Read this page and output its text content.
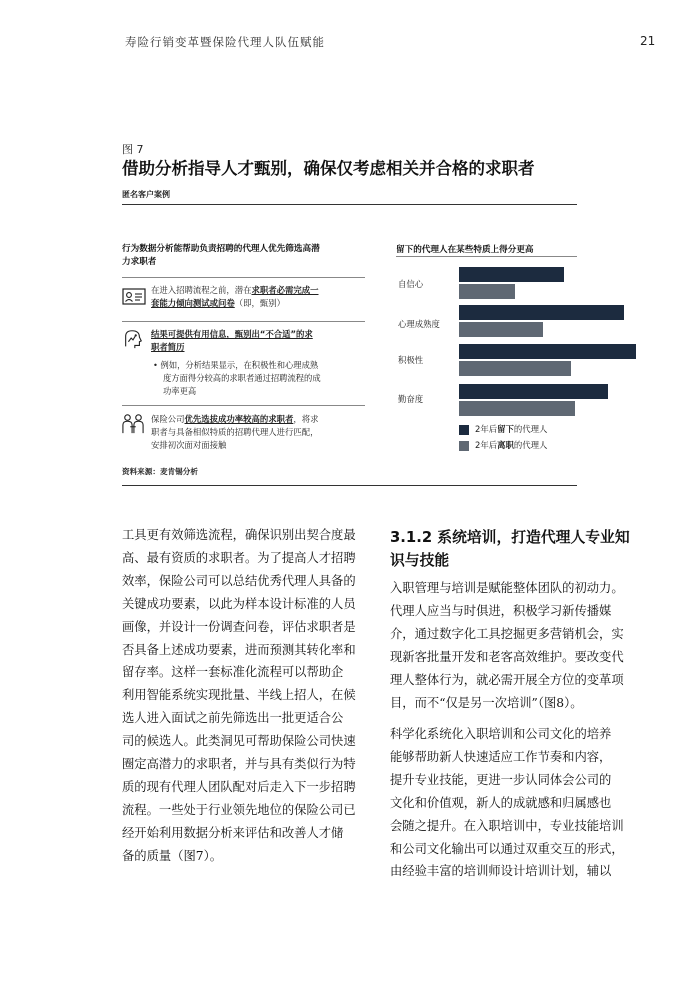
寿险行销变革暨保险代理人队伍赋能	21
图 7
借助分析指导人才甄别，确保仅考虑相关并合格的求职者
匿名客户案例
行为数据分析能帮助负责招聘的代理人优先筛选高潜
力求职者
在进入招聘流程之前，潜在求职者必需完成一
套能力倾向测试或问卷（即，甄别）
结果可提供有用信息，甄别出“不合适”的求
职者简历
• 例如，分析结果显示，在积极性和心理成熟
度方面得分较高的求职者通过招聘流程的成
功率更高
保险公司优先选拔成功率较高的求职者，将求
职者与具备相似特质的招聘代理人进行匹配，
安排初次面对面接触
资料来源：麦肯锡分析
留下的代理人在某些特质上得分更高
自信心
心理成熟度
积极性
勤奋度
2年后留下的代理人
2年后离职的代理人
工具更有效筛选流程，确保识别出契合度最
高、最有资质的求职者。为了提高人才招聘
效率，保险公司可以总结优秀代理人具备的
关键成功要素，以此为样本设计标准的人员
画像，并设计一份调查问卷，评估求职者是
否具备上述成功要素，进而预测其转化率和
留存率。这样一套标准化流程可以帮助企
利用智能系统实现批量、半线上招人，在候
选人进入面试之前先筛选出一批更适合公
司的候选人。此类洞见可帮助保险公司快速
圈定高潜力的求职者，并与具有类似行为特
质的现有代理人团队配对后走入下一步招聘
流程。一些处于行业领先地位的保险公司已
经开始利用数据分析来评估和改善人才储
备的质量（图7）。
3.1.2 系统培训，打造代理人专业知
识与技能
入职管理与培训是赋能整体团队的初动力。
代理人应当与时俱进，积极学习新传播媒
介，通过数字化工具挖掘更多营销机会，实
现新客批量开发和老客高效维护。要改变代
理人整体行为，就必需开展全方位的变革项
目，而不“仅是另一次培训”（图8）。
科学化系统化入职培训和公司文化的培养
能够帮助新人快速适应工作节奏和内容，
提升专业技能，更进一步认同体会公司的
文化和价值观，新人的成就感和归属感也
会随之提升。在入职培训中，专业技能培训
和公司文化输出可以通过双重交互的形式，
由经验丰富的培训师设计培训计划，辅以
